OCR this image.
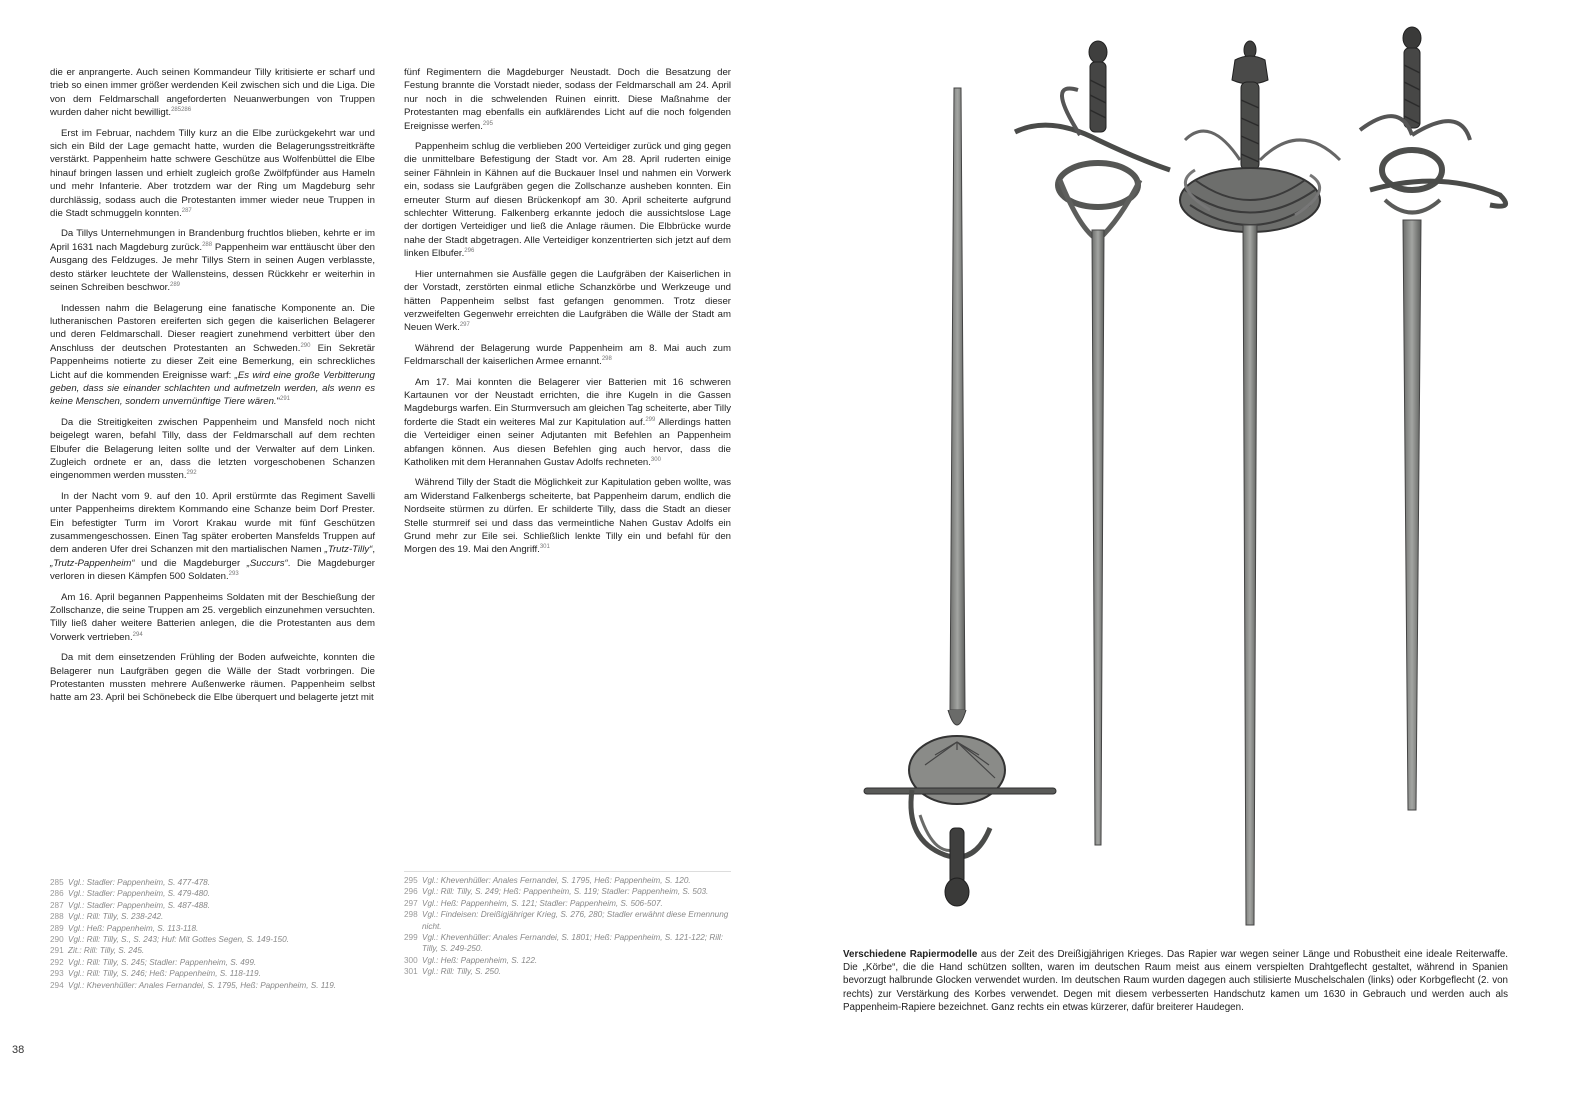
die er anprangerte. Auch seinen Kommandeur Tilly kritisierte er scharf und trieb so einen immer größer werdenden Keil zwischen sich und die Liga. Die von dem Feldmarschall angeforderten Neuanwerbungen von Truppen wurden daher nicht bewilligt.$^{285286}$

Erst im Februar, nachdem Tilly kurz an die Elbe zurückgekehrt war und sich ein Bild der Lage gemacht hatte, wurden die Belagerungsstreitkräfte verstärkt. Pappenheim hatte schwere Geschütze aus Wolfenbüttel die Elbe hinauf bringen lassen und erhielt zugleich große Zwölfpfünder aus Hameln und mehr Infanterie. Aber trotzdem war der Ring um Magdeburg sehr durchlässig, sodass auch die Protestanten immer wieder neue Truppen in die Stadt schmuggeln konnten.$^{287}$

Da Tillys Unternehmungen in Brandenburg fruchtlos blieben, kehrte er im April 1631 nach Magdeburg zurück.$^{288}$ Pappenheim war enttäuscht über den Ausgang des Feldzuges. Je mehr Tillys Stern in seinen Augen verblasste, desto stärker leuchtete der Wallensteins, dessen Rückkehr er weiterhin in seinen Schreiben beschwor.$^{289}$

Indessen nahm die Belagerung eine fanatische Komponente an. Die lutheranischen Pastoren ereiferten sich gegen die kaiserlichen Belagerer und deren Feldmarschall. Dieser reagiert zunehmend verbittert über den Anschluss der deutschen Protestanten an Schweden.$^{290}$ Ein Sekretär Pappenheims notierte zu dieser Zeit eine Bemerkung, ein schreckliches Licht auf die kommenden Ereignisse warf: „Es wird eine große Verbitterung geben, dass sie einander schlachten und aufmetzeln werden, als wenn es keine Menschen, sondern unvernünftige Tiere wären."$^{291}$

Da die Streitigkeiten zwischen Pappenheim und Mansfeld noch nicht beigelegt waren, befahl Tilly, dass der Feldmarschall auf dem rechten Elbufer die Belagerung leiten sollte und der Verwalter auf dem Linken. Zugleich ordnete er an, dass die letzten vorgeschobenen Schanzen eingenommen werden mussten.$^{292}$

In der Nacht vom 9. auf den 10. April erstürmte das Regiment Savelli unter Pappenheims direktem Kommando eine Schanze beim Dorf Prester. Ein befestigter Turm im Vorort Krakau wurde mit fünf Geschützen zusammengeschossen. Einen Tag später eroberten Mansfelds Truppen auf dem anderen Ufer drei Schanzen mit den martialischen Namen „Trutz-Tilly“, „Trutz-Pappenheim“ und die Magdeburger „Succurs“. Die Magdeburger verloren in diesen Kämpfen 500 Soldaten.$^{293}$

Am 16. April begannen Pappenheims Soldaten mit der Beschießung der Zollschanze, die seine Truppen am 25. vergeblich einzunehmen versuchten. Tilly ließ daher weitere Batterien anlegen, die die Protestanten aus dem Vorwerk vertrieben.$^{294}$

Da mit dem einsetzenden Frühling der Boden aufweichte, konnten die Belagerer nun Laufgräben gegen die Wälle der Stadt vorbringen. Die Protestanten mussten mehrere Außenwerke räumen. Pappenheim selbst hatte am 23. April bei Schönebeck die Elbe überquert und belagerte jetzt mit

fünf Regimentern die Magdeburger Neustadt. Doch die Besatzung der Festung brannte die Vorstadt nieder, sodass der Feldmarschall am 24. April nur noch in die schwelenden Ruinen einritt. Diese Maßnahme der Protestanten mag ebenfalls ein aufklärendes Licht auf die noch folgenden Ereignisse werfen.$^{295}$

Pappenheim schlug die verblieben 200 Verteidiger zurück und ging gegen die unmittelbare Befestigung der Stadt vor. Am 28. April ruderten einige seiner Fähnlein in Kähnen auf die Buckauer Insel und nahmen ein Vorwerk ein, sodass sie Laufgräben gegen die Zollschanze ausheben konnten. Ein erneuter Sturm auf diesen Brückenkopf am 30. April scheiterte aufgrund schlechter Witterung. Falkenberg erkannte jedoch die aussichtslose Lage der dortigen Verteidiger und ließ die Anlage räumen. Die Elbbrücke wurde nahe der Stadt abgetragen. Alle Verteidiger konzentrierten sich jetzt auf dem linken Elbufer.$^{296}$

Hier unternahmen sie Ausfälle gegen die Laufgräben der Kaiserlichen in der Vorstadt, zerstörten einmal etliche Schanzkörbe und Werkzeuge und hätten Pappenheim selbst fast gefangen genommen. Trotz dieser verzweifelten Gegenwehr erreichten die Laufgräben die Wälle der Stadt am Neuen Werk.$^{297}$

Während der Belagerung wurde Pappenheim am 8. Mai auch zum Feldmarschall der kaiserlichen Armee ernannt.$^{298}$

Am 17. Mai konnten die Belagerer vier Batterien mit 16 schweren Kartaunen vor der Neustadt errichten, die ihre Kugeln in die Gassen Magdeburgs warfen. Ein Sturmversuch am gleichen Tag scheiterte, aber Tilly forderte die Stadt ein weiteres Mal zur Kapitulation auf.$^{299}$ Allerdings hatten die Verteidiger einen seiner Adjutanten mit Befehlen an Pappenheim abfangen können. Aus diesen Befehlen ging auch hervor, dass die Katholiken mit dem Herannahen Gustav Adolfs rechneten.$^{300}$

Während Tilly der Stadt die Möglichkeit zur Kapitulation geben wollte, was am Widerstand Falkenbergs scheiterte, bat Pappenheim darum, endlich die Nordseite stürmen zu dürfen. Er schilderte Tilly, dass die Stadt an dieser Stelle sturmreif sei und dass das vermeintliche Nahen Gustav Adolfs ein Grund mehr zur Eile sei. Schließlich lenkte Tilly ein und befahl für den Morgen des 19. Mai den Angriff.$^{301}$

285 Vgl.: Stadler: Pappenheim, S. 477-478.
286 Vgl.: Stadler: Pappenheim, S. 479-480.
287 Vgl.: Stadler: Pappenheim, S. 487-488.
288 Vgl.: Rill: Tilly, S. 238-242.
289 Vgl.: Heß: Pappenheim, S. 113-118.
290 Vgl.: Rill: Tilly, S., S. 243; Huf: Mit Gottes Segen, S. 149-150.
291 Zit.: Rill: Tilly, S. 245.
292 Vgl.: Rill: Tilly, S. 245; Stadler: Pappenheim, S. 499.
293 Vgl.: Rill: Tilly, S. 246; Heß: Pappenheim, S. 118-119.
294 Vgl.: Khevenhüller: Anales Fernandei, S. 1795, Heß: Pappenheim, S. 119.
295 Vgl.: Khevenhüller: Anales Fernandei, S. 1795, Heß: Pappenheim, S. 120.
296 Vgl.: Rill: Tilly, S. 249; Heß: Pappenheim, S. 119; Stadler: Pappenheim, S. 503.
297 Vgl.: Heß: Pappenheim, S. 121; Stadler: Pappenheim, S. 506-507.
298 Vgl.: Findeisen: Dreißigjähriger Krieg, S. 276, 280; Stadler erwähnt diese Ernennung nicht.
299 Vgl.: Khevenhüller: Anales Fernandei, S. 1801; Heß: Pappenheim, S. 121-122; Rill: Tilly, S. 249-250.
300 Vgl.: Heß: Pappenheim, S. 122.
301 Vgl.: Rill: Tilly, S. 250.
38
Verschiedene Rapiermodelle aus der Zeit des Dreißigjährigen Krieges. Das Rapier war wegen seiner Länge und Robustheit eine ideale Reiterwaffe. Die „Körbe“, die die Hand schützen sollten, waren im deutschen Raum meist aus einem verspielten Drahtgeflecht gestaltet, während in Spanien bevorzugt halbrunde Glocken verwendet wurden. Im deutschen Raum wurden dagegen auch stilisierte Muschelschalen (links) oder Korbgeflecht (2. von rechts) zur Verstärkung des Korbes verwendet. Degen mit diesem verbesserten Handschutz kamen um 1630 in Gebrauch und werden auch als Pappenheim-Rapiere bezeichnet. Ganz rechts ein etwas kürzerer, dafür breiterer Haudegen.
